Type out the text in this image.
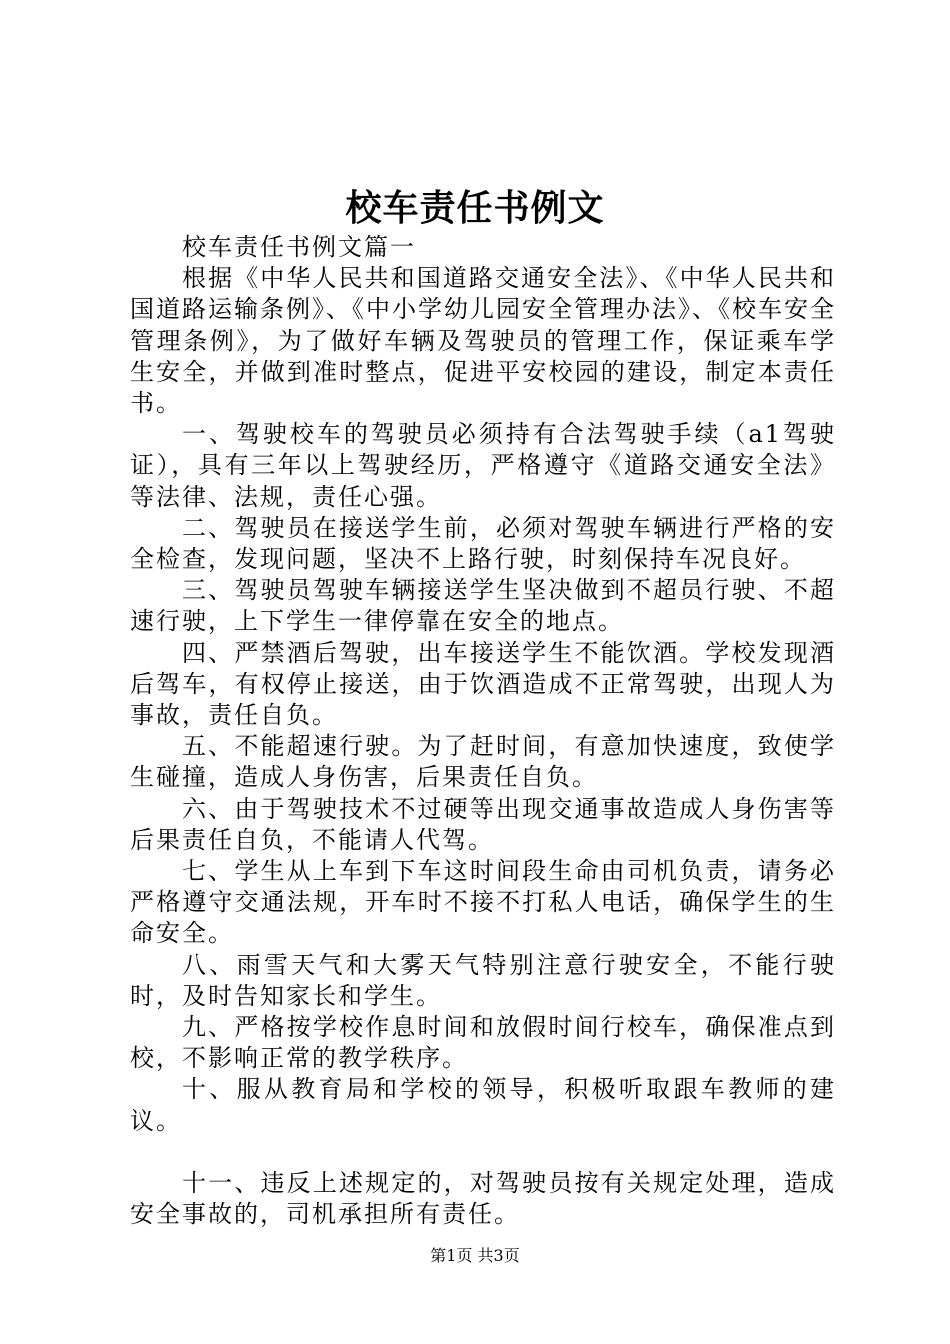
校车责任书例文

校车责任书例文篇一

根据《中华人民共和国道路交通安全法》、《中华人民共和国道路运输条例》、《中小学幼儿园安全管理办法》、《校车安全管理条例》，为了做好车辆及驾驶员的管理工作，保证乘车学生安全，并做到准时整点，促进平安校园的建设，制定本责任书。

一、驾驶校车的驾驶员必须持有合法驾驶手续（a1驾驶证），具有三年以上驾驶经历，严格遵守《道路交通安全法》等法律、法规，责任心强。

二、驾驶员在接送学生前，必须对驾驶车辆进行严格的安全检查，发现问题，坚决不上路行驶，时刻保持车况良好。

三、驾驶员驾驶车辆接送学生坚决做到不超员行驶、不超速行驶，上下学生一律停靠在安全的地点。

四、严禁酒后驾驶，出车接送学生不能饮酒。学校发现酒后驾车，有权停止接送，由于饮酒造成不正常驾驶，出现人为事故，责任自负。

五、不能超速行驶。为了赶时间，有意加快速度，致使学生碰撞，造成人身伤害，后果责任自负。

六、由于驾驶技术不过硬等出现交通事故造成人身伤害等后果责任自负，不能请人代驾。

七、学生从上车到下车这时间段生命由司机负责，请务必严格遵守交通法规，开车时不接不打私人电话，确保学生的生命安全。

八、雨雪天气和大雾天气特别注意行驶安全，不能行驶时，及时告知家长和学生。

九、严格按学校作息时间和放假时间行校车，确保准点到校，不影响正常的教学秩序。

十、服从教育局和学校的领导，积极听取跟车教师的建议。

十一、违反上述规定的，对驾驶员按有关规定处理，造成安全事故的，司机承担所有责任。

第1页 共3页
